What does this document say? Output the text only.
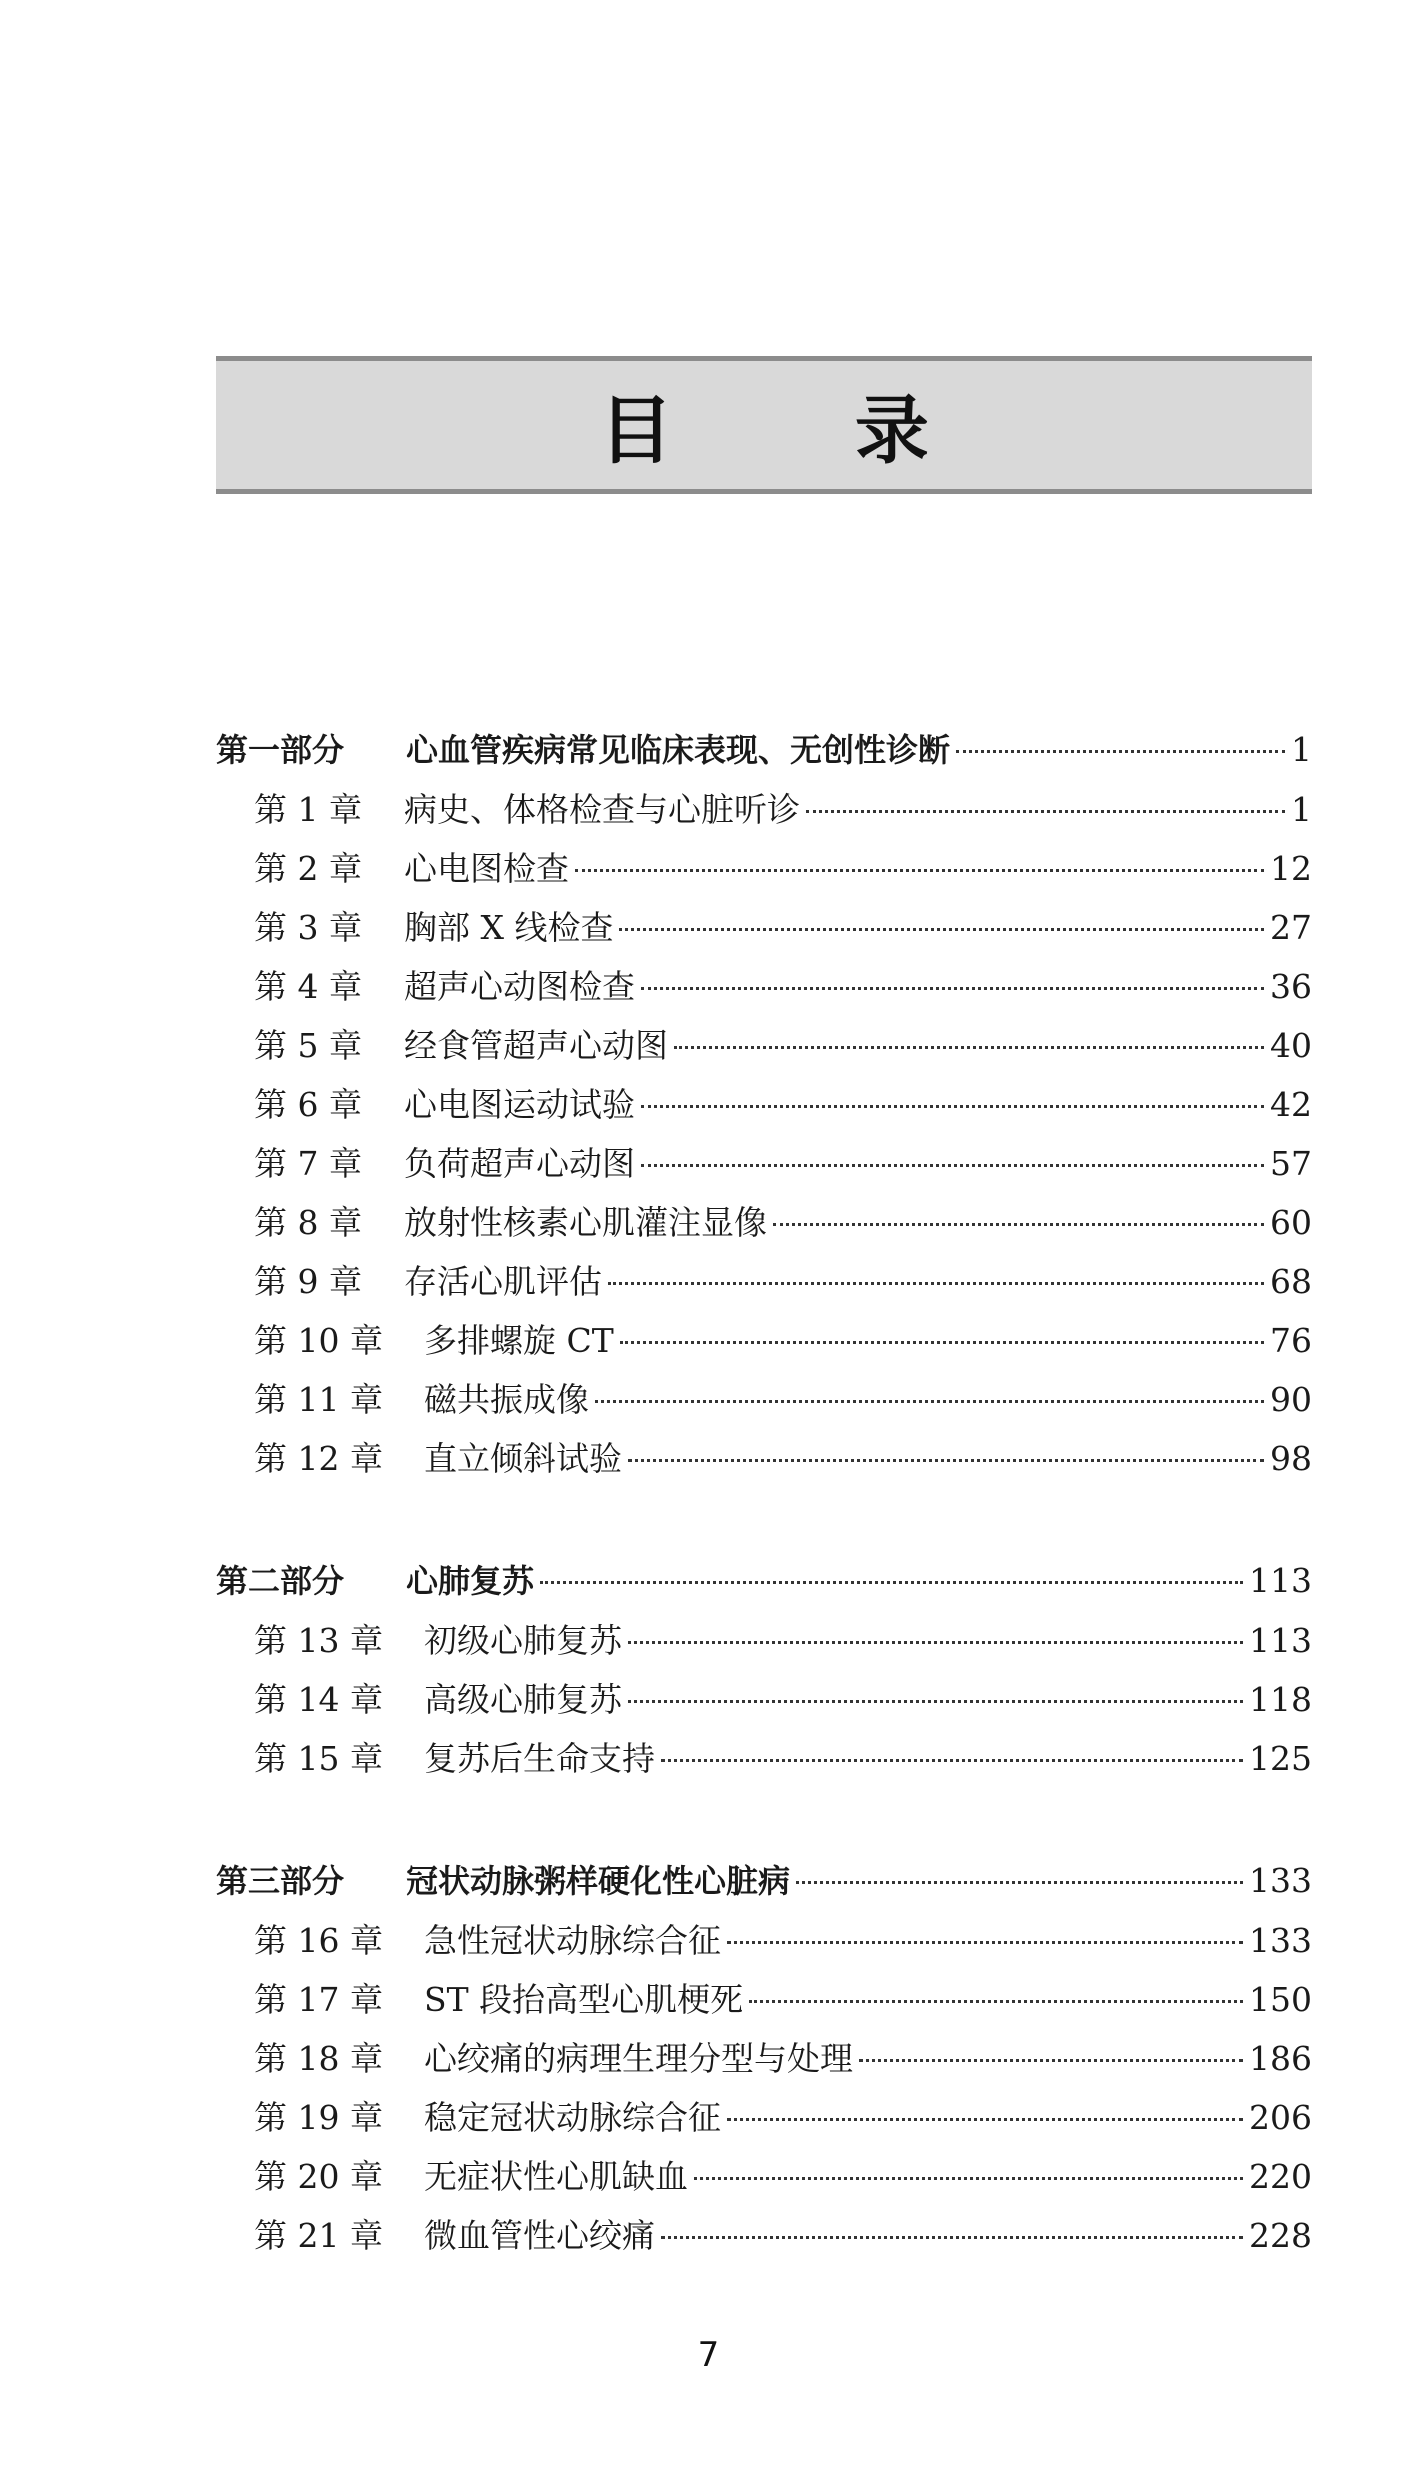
目 录
第一部分	心血管疾病常见临床表现、无创性诊断	1
第 1 章	病史、体格检查与心脏听诊	1
第 2 章	心电图检查	12
第 3 章	胸部 X 线检查	27
第 4 章	超声心动图检查	36
第 5 章	经食管超声心动图	40
第 6 章	心电图运动试验	42
第 7 章	负荷超声心动图	57
第 8 章	放射性核素心肌灌注显像	60
第 9 章	存活心肌评估	68
第 10 章	多排螺旋 CT	76
第 11 章	磁共振成像	90
第 12 章	直立倾斜试验	98
第二部分	心肺复苏	113
第 13 章	初级心肺复苏	113
第 14 章	高级心肺复苏	118
第 15 章	复苏后生命支持	125
第三部分	冠状动脉粥样硬化性心脏病	133
第 16 章	急性冠状动脉综合征	133
第 17 章	ST 段抬高型心肌梗死	150
第 18 章	心绞痛的病理生理分型与处理	186
第 19 章	稳定冠状动脉综合征	206
第 20 章	无症状性心肌缺血	220
第 21 章	微血管性心绞痛	228
7
